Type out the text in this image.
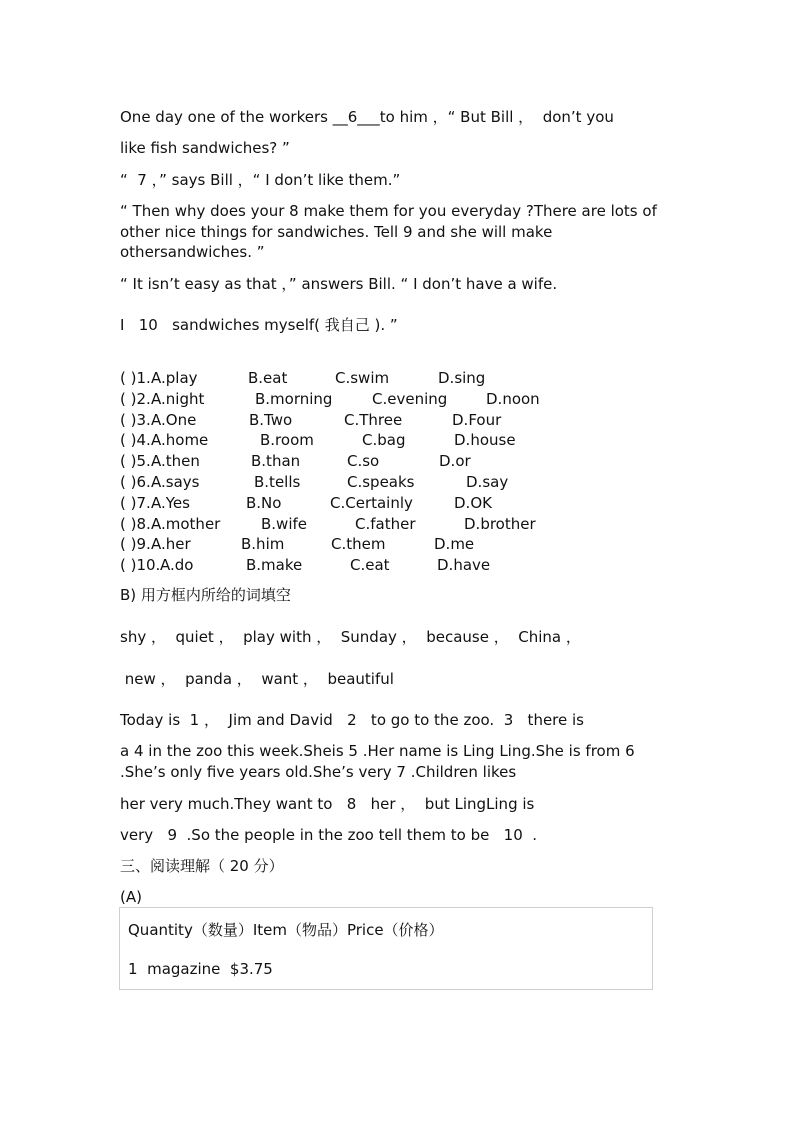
One day one of the workers __6___to him ，“ But Bill ，  don’t you
like fish sandwiches? ”
“  7 ，” says Bill ，“ I don’t like them.”
“ Then why does your 8 make them for you everyday ?There are lots of other nice things for sandwiches. Tell 9 and she will make othersandwiches. ”
“ It isn’t easy as that ，” answers Bill. “ I don’t have a wife.
I   10   sandwiches myself( 我自己 ). ”
( )1. A.play	B.eat	C.swim	D.sing
( )2. A.night	B.morning	C.evening	D.noon
( )3. A.One	B.Two	C.Three	D.Four
( )4. A.home	B.room	C.bag	D.house
( )5. A.then	B.than	C.so	D.or
( )6. A.says	B.tells	C.speaks	D.say
( )7. A.Yes	B.No	C.Certainly	D.OK
( )8. A.mother	B.wife	C.father	D.brother
( )9. A.her	B.him	C.them	D.me
( )10. A.do	B.make	C.eat	D.have
B) 用方框内所给的词填空
shy ，  quiet ，  play with ，  Sunday ，  because ，  China ，
new ，  panda ，  want ，  beautiful
Today is  1 ，  Jim and David   2   to go to the zoo.  3   there is
a 4 in the zoo this week.Sheis 5 .Her name is Ling Ling.She is from 6 .She’s only five years old.She’s very 7 .Children likes
her very much.They want to   8   her ，  but LingLing is
very   9  .So the people in the zoo tell them to be   10  .
三、阅读理解（ 20 分）
(A)
Quantity（数量）Item（物品）Price（价格）
1  magazine  $3.75
